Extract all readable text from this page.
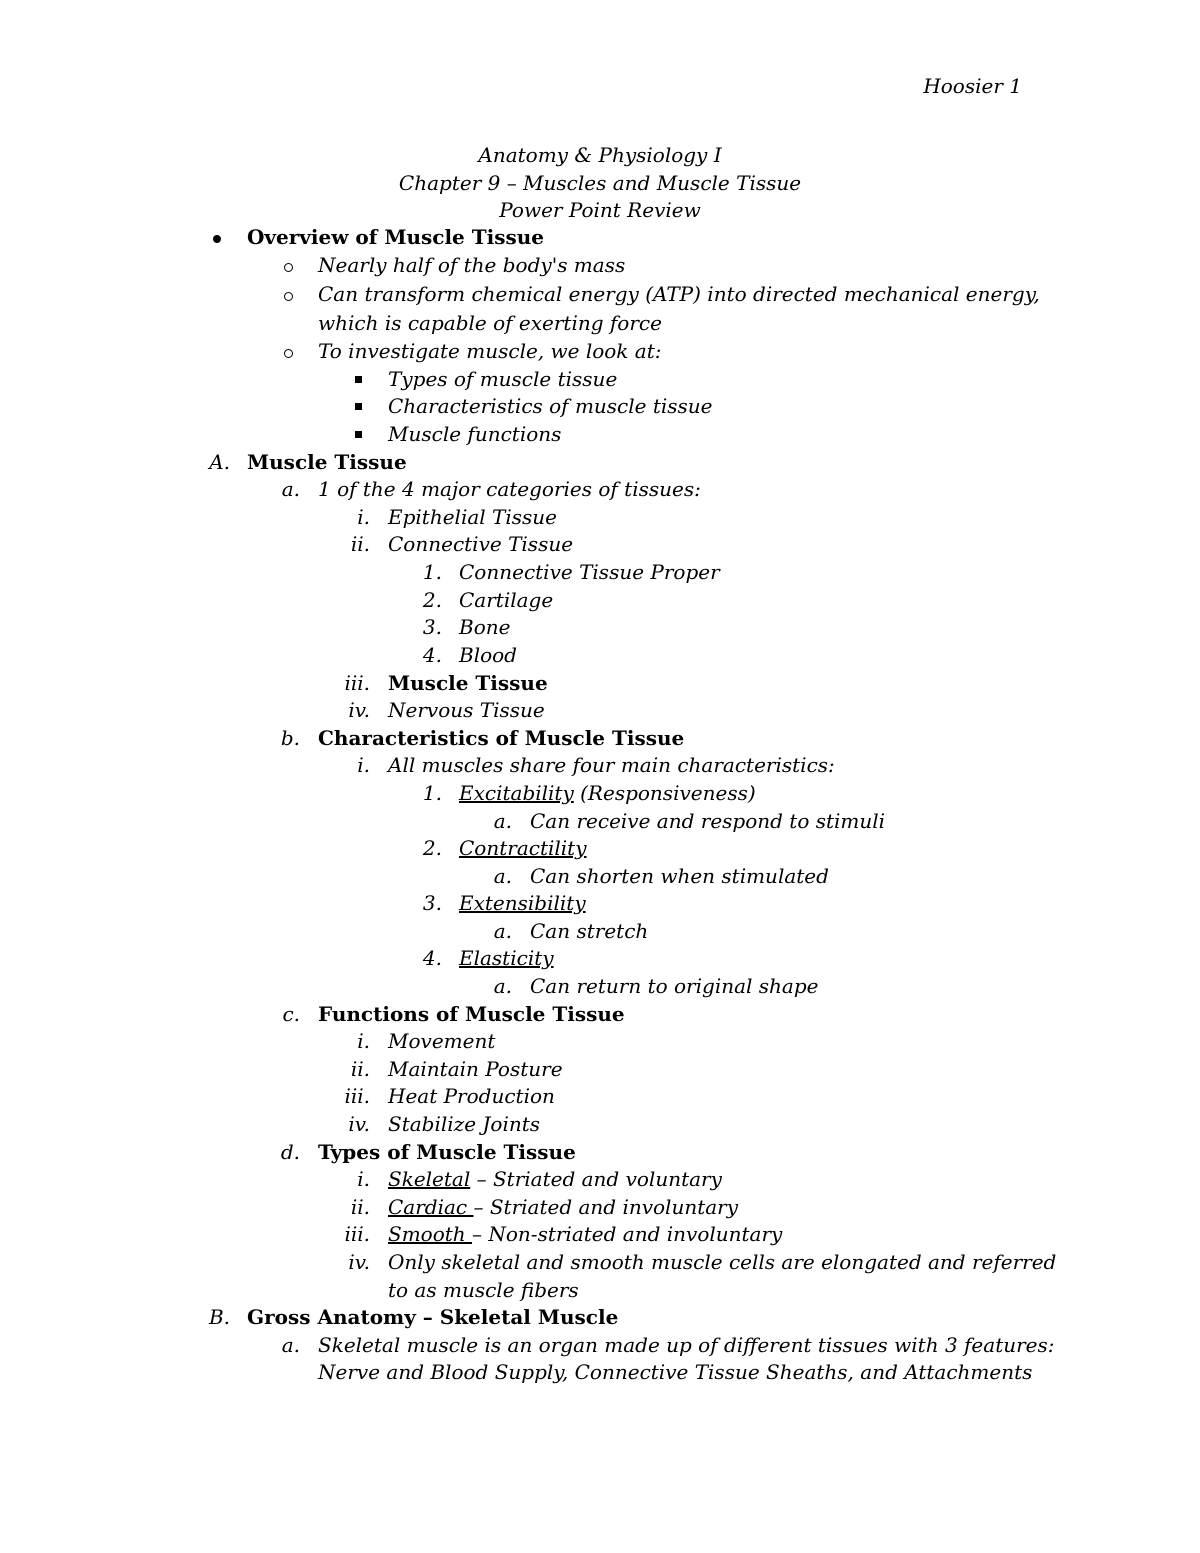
Hoosier 1
Anatomy & Physiology I
Chapter 9 – Muscles and Muscle Tissue
Power Point Review
Overview of Muscle Tissue
Nearly half of the body's mass
Can transform chemical energy (ATP) into directed mechanical energy,
which is capable of exerting force
To investigate muscle, we look at:
Types of muscle tissue
Characteristics of muscle tissue
Muscle functions
A. Muscle Tissue
a. 1 of the 4 major categories of tissues:
i. Epithelial Tissue
ii. Connective Tissue
1. Connective Tissue Proper
2. Cartilage
3. Bone
4. Blood
iii. Muscle Tissue
iv. Nervous Tissue
b. Characteristics of Muscle Tissue
i. All muscles share four main characteristics:
1. Excitability (Responsiveness)
a. Can receive and respond to stimuli
2. Contractility
a. Can shorten when stimulated
3. Extensibility
a. Can stretch
4. Elasticity
a. Can return to original shape
c. Functions of Muscle Tissue
i. Movement
ii. Maintain Posture
iii. Heat Production
iv. Stabilize Joints
d. Types of Muscle Tissue
i. Skeletal – Striated and voluntary
ii. Cardiac – Striated and involuntary
iii. Smooth – Non-striated and involuntary
iv. Only skeletal and smooth muscle cells are elongated and referred
to as muscle fibers
B. Gross Anatomy – Skeletal Muscle
a. Skeletal muscle is an organ made up of different tissues with 3 features:
Nerve and Blood Supply, Connective Tissue Sheaths, and Attachments
